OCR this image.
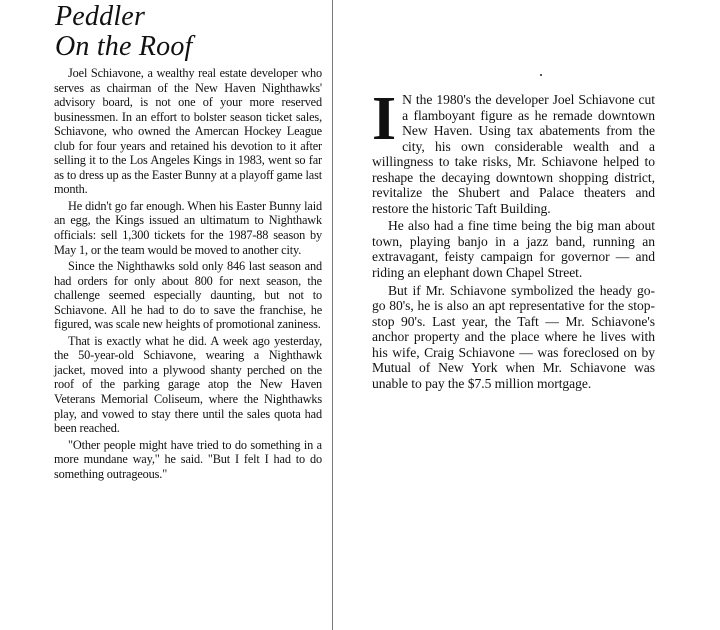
Peddler
On the Roof

Joel Schiavone, a wealthy real estate developer who serves as chairman of the New Haven Nighthawks' advisory board, is not one of your more reserved businessmen. In an effort to bolster season ticket sales, Schiavone, who owned the Amercan Hockey League club for four years and retained his devotion to it after selling it to the Los Angeles Kings in 1983, went so far as to dress up as the Easter Bunny at a playoff game last month.

He didn't go far enough. When his Easter Bunny laid an egg, the Kings issued an ultimatum to Nighthawk officials: sell 1,300 tickets for the 1987-88 season by May 1, or the team would be moved to another city.

Since the Nighthawks sold only 846 last season and had orders for only about 800 for next season, the challenge seemed especially daunting, but not to Schiavone. All he had to do to save the franchise, he figured, was scale new heights of promotional zaniness.

That is exactly what he did. A week ago yesterday, the 50-year-old Schiavone, wearing a Nighthawk jacket, moved into a plywood shanty perched on the roof of the parking garage atop the New Haven Veterans Memorial Coliseum, where the Nighthawks play, and vowed to stay there until the sales quota had been reached.

"Other people might have tried to do something in a more mundane way," he said. "But I felt I had to do something outrageous."

I N the 1980's the developer Joel Schiavone cut a flamboyant figure as he remade downtown New Haven. Using tax abatements from the city, his own considerable wealth and a willingness to take risks, Mr. Schiavone helped to reshape the decaying downtown shopping district, revitalize the Shubert and Palace theaters and restore the historic Taft Building.

He also had a fine time being the big man about town, playing banjo in a jazz band, running an extravagant, feisty campaign for governor — and riding an elephant down Chapel Street.

But if Mr. Schiavone symbolized the heady go-go 80's, he is also an apt representative for the stop-stop 90's. Last year, the Taft — Mr. Schiavone's anchor property and the place where he lives with his wife, Craig Schiavone — was foreclosed on by Mutual of New York when Mr. Schiavone was unable to pay the $7.5 million mortgage.
